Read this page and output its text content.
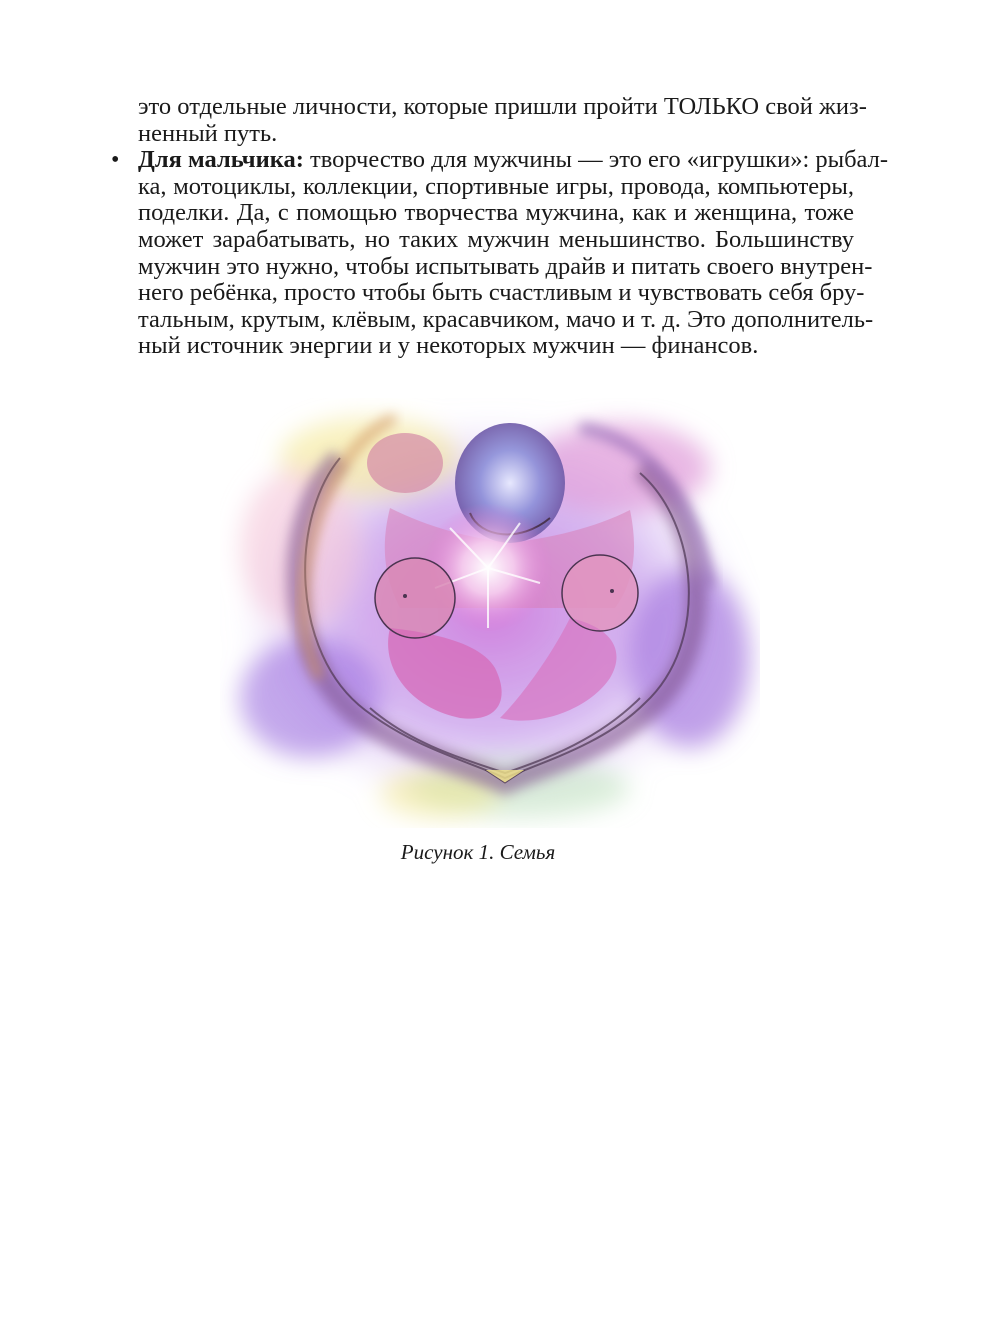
это отдельные личности, которые пришли пройти ТОЛЬКО свой жиз-
ненный путь.
• Для мальчика: творчество для мужчины — это его «игрушки»: рыбал-
ка, мотоциклы, коллекции, спортивные игры, провода, компьютеры,
поделки. Да, с помощью творчества мужчина, как и женщина, тоже
может зарабатывать, но таких мужчин меньшинство. Большинству
мужчин это нужно, чтобы испытывать драйв и питать своего внутрен-
него ребёнка, просто чтобы быть счастливым и чувствовать себя бру-
тальным, крутым, клёвым, красавчиком, мачо и т. д. Это дополнитель-
ный источник энергии и у некоторых мужчин — финансов.
Рисунок 1. Семья
